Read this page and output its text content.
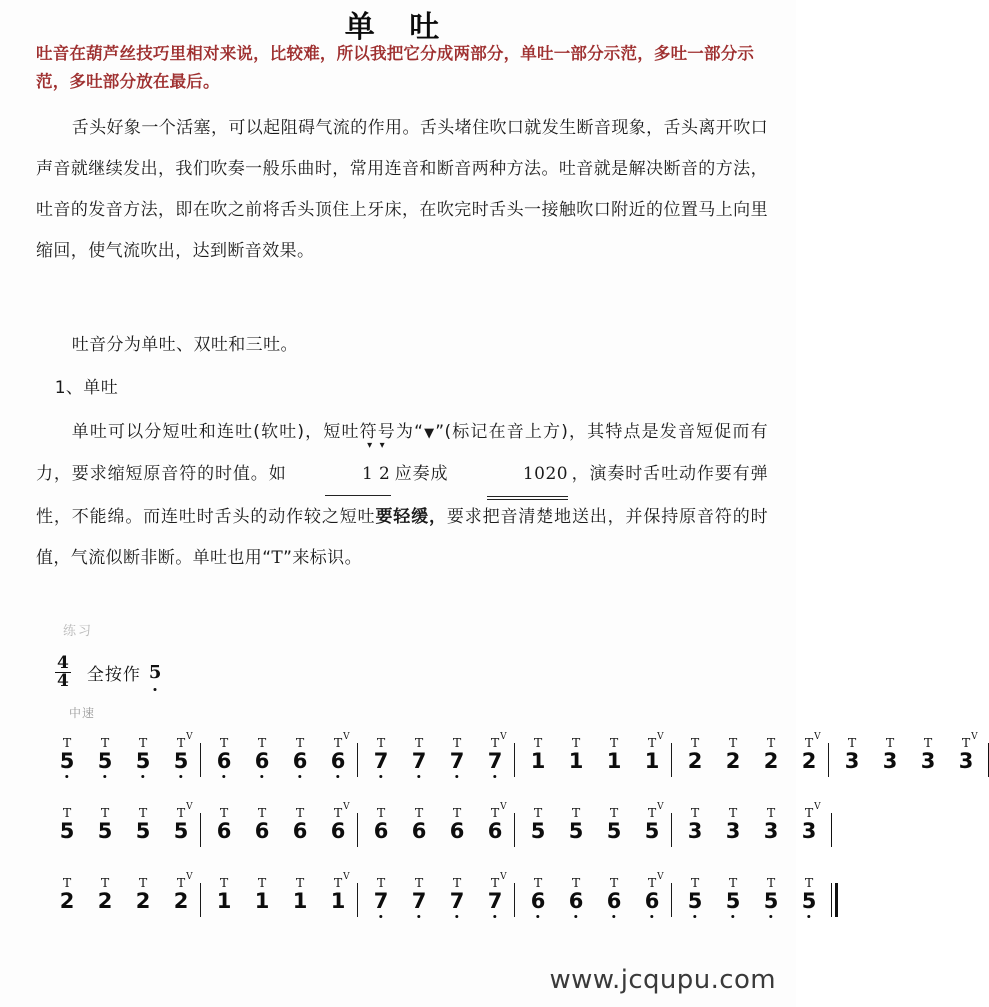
单 吐
吐音在葫芦丝技巧里相对来说，比较难，所以我把它分成两部分，单吐一部分示范，多吐一部分示范，多吐部分放在最后。
舌头好象一个活塞，可以起阻碍气流的作用。舌头堵住吹口就发生断音现象，舌头离开吹口声音就继续发出，我们吹奏一般乐曲时，常用连音和断音两种方法。吐音就是解决断音的方法，吐音的发音方法，即在吹之前将舌头顶住上牙床，在吹完时舌头一接触吹口附近的位置马上向里缩回，使气流吹出，达到断音效果。
吐音分为单吐、双吐和三吐。
1、单吐
单吐可以分短吐和连吐(软吐)，短吐符号为“▼”(标记在音上方)，其特点是发音短促而有力，要求缩短原音符的时值。如
▾  ▾
1 2 应奏成	1020 ，演奏时舌吐动作要有弹性，不能绵。而连吐时舌头的动作较之短吐要轻缓，要求把音清楚地送出，并保持原音符的时值，气流似断非断。单吐也用“T”来标识。
练习
$\frac{4}{4}$ 全按作 5
中速
T
5
T
5
T
5
T V
5
T
6
T
6
T
6
T V
6
T
7
T
7
T
7
T V
7
T
1
T
1
T
1
T V
1
T
2
T
2
T
2
T V
2
T
3
T
3
T
3
T V
3
T
5
T
5
T
5
T V
5
T
6
T
6
T
6
T V
6
T
6
T
6
T
6
T V
6
T
5
T
5
T
5
T V
5
T
3
T
3
T
3
T V
3
T
2
T
2
T
2
T V
2
T
1
T
1
T
1
T V
1
T
7
T
7
T
7
T V
7
T
6
T
6
T
6
T V
6
T
5
T
5
T
5
T
5
www.jcqupu.com
